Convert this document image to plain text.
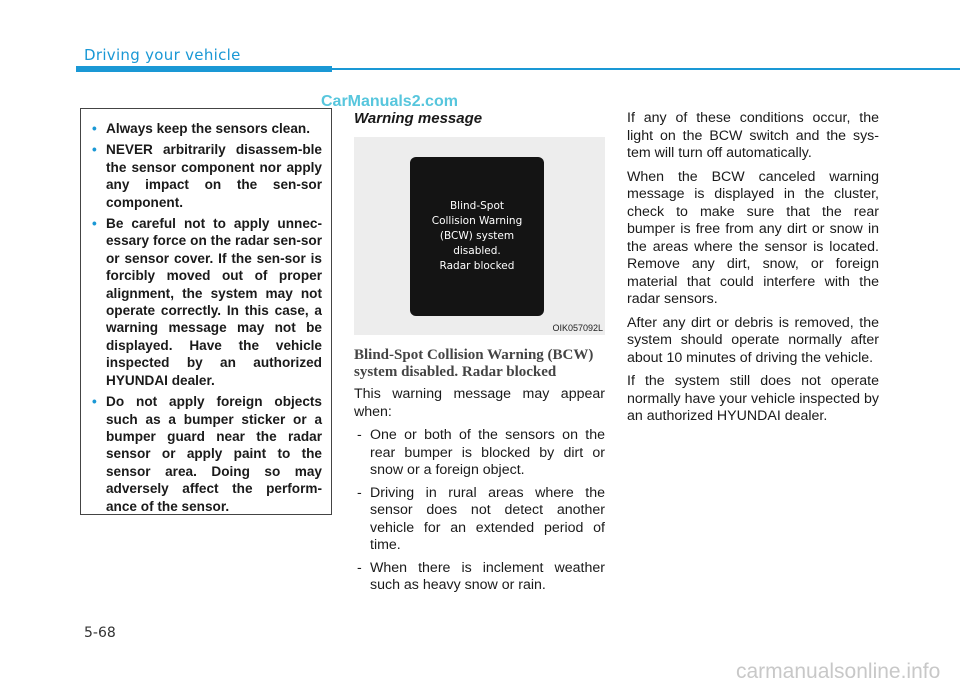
Driving your vehicle
CarManuals2.com
• Always keep the sensors clean.
• NEVER arbitrarily disassem-ble the sensor component nor apply any impact on the sen-sor component.
• Be careful not to apply unnec-essary force on the radar sen-sor or sensor cover. If the sen-sor is forcibly moved out of proper alignment, the system may not operate correctly. In this case, a warning message may not be displayed. Have the vehicle inspected by an authorized HYUNDAI dealer.
• Do not apply foreign objects such as a bumper sticker or a bumper guard near the radar sensor or apply paint to the sensor area. Doing so may adversely affect the perform-ance of the sensor.
Warning message
Blind-Spot
Collision Warning
(BCW) system
disabled.
Radar blocked
OIK057092L
Blind-Spot Collision Warning (BCW) system disabled. Radar blocked
This warning message may appear when:
- One or both of the sensors on the rear bumper is blocked by dirt or snow or a foreign object.
- Driving in rural areas where the sensor does not detect another vehicle for an extended period of time.
- When there is inclement weather such as heavy snow or rain.
If any of these conditions occur, the light on the BCW switch and the sys-tem will turn off automatically.
When the BCW canceled warning message is displayed in the cluster, check to make sure that the rear bumper is free from any dirt or snow in the areas where the sensor is located. Remove any dirt, snow, or foreign material that could interfere with the radar sensors.
After any dirt or debris is removed, the system should operate normally after about 10 minutes of driving the vehicle.
If the system still does not operate normally have your vehicle inspected by an authorized HYUNDAI dealer.
5-68
carmanualsonline.info
